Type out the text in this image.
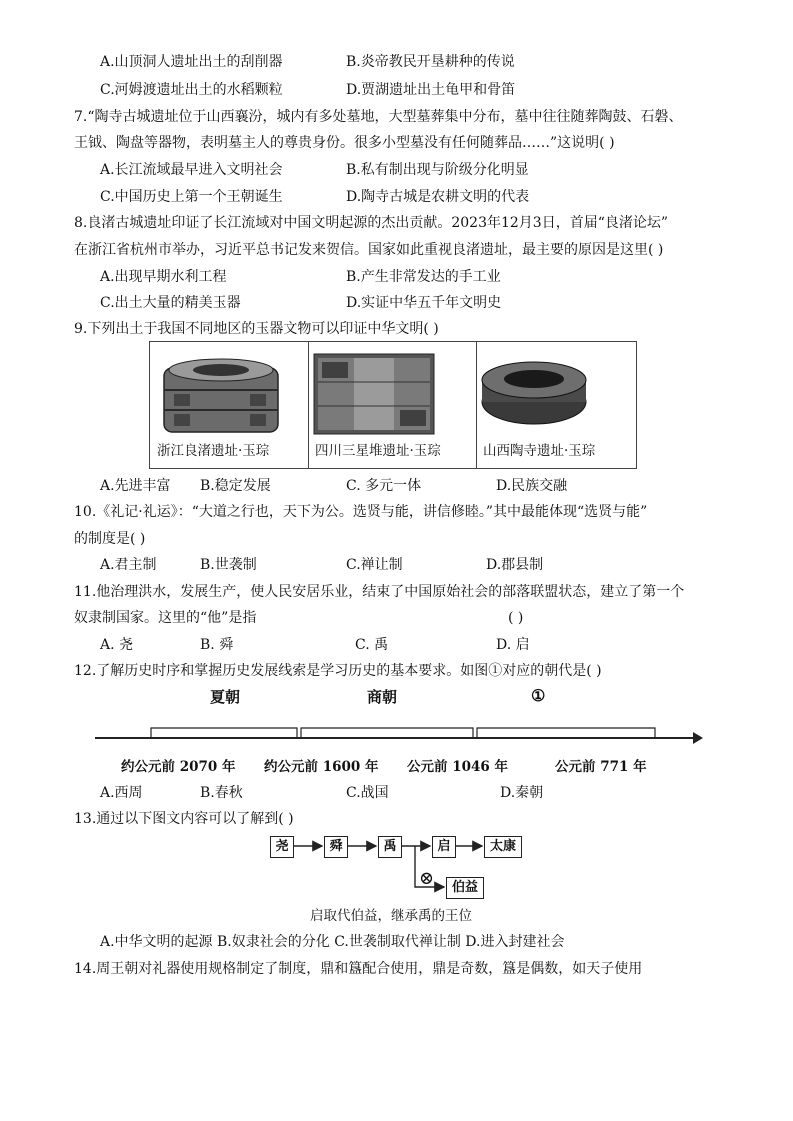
A.山顶洞人遗址出土的刮削器	B.炎帝教民开垦耕种的传说
C.河姆渡遗址出土的水稻颗粒	D.贾湖遗址出土龟甲和骨笛
7.“陶寺古城遗址位于山西襄汾，城内有多处墓地，大型墓葬集中分布，墓中往往随葬陶鼓、石磐、
王钺、陶盘等器物，表明墓主人的尊贵身份。很多小型墓没有任何随葬品……”这说明( )
A.长江流域最早进入文明社会	B.私有制出现与阶级分化明显
C.中国历史上第一个王朝诞生	D.陶寺古城是农耕文明的代表
8.良渚古城遗址印证了长江流域对中国文明起源的杰出贡献。2023年12月3日，首届“良渚论坛”
在浙江省杭州市举办，习近平总书记发来贺信。国家如此重视良渚遗址，最主要的原因是这里( )
A.出现早期水利工程	B.产生非常发达的手工业
C.出土大量的精美玉器	D.实证中华五千年文明史
9.下列出土于我国不同地区的玉器文物可以印证中华文明( )
浙江良渚遗址·玉琮	四川三星堆遗址·玉琮	山西陶寺遗址·玉琮
A.先进丰富 B.稳定发展	C. 多元一体	D.民族交融
10.《礼记·礼运》：“大道之行也，天下为公。选贤与能，讲信修睦。”其中最能体现“选贤与能”
的制度是( )
A.君主制	B.世袭制	C.禅让制	D.郡县制
11.他治理洪水，发展生产，使人民安居乐业，结束了中国原始社会的部落联盟状态，建立了第一个
奴隶制国家。这里的“他”是指	( )
A. 尧	B. 舜	C. 禹	D. 启
12.了解历史时序和掌握历史发展线索是学习历史的基本要求。如图①对应的朝代是( )
夏朝	商朝	①
约公元前 2070 年 约公元前 1600 年 公元前 1046 年	公元前 771 年
A.西周	B.春秋	C.战国	D.秦朝
13.通过以下图文内容可以了解到( )
尧	舜	禹	启	太康
⊗	伯益
启取代伯益，继承禹的王位
A.中华文明的起源 B.奴隶社会的分化 C.世袭制取代禅让制 D.进入封建社会
14.周王朝对礼器使用规格制定了制度，鼎和簋配合使用，鼎是奇数，簋是偶数，如天子使用
